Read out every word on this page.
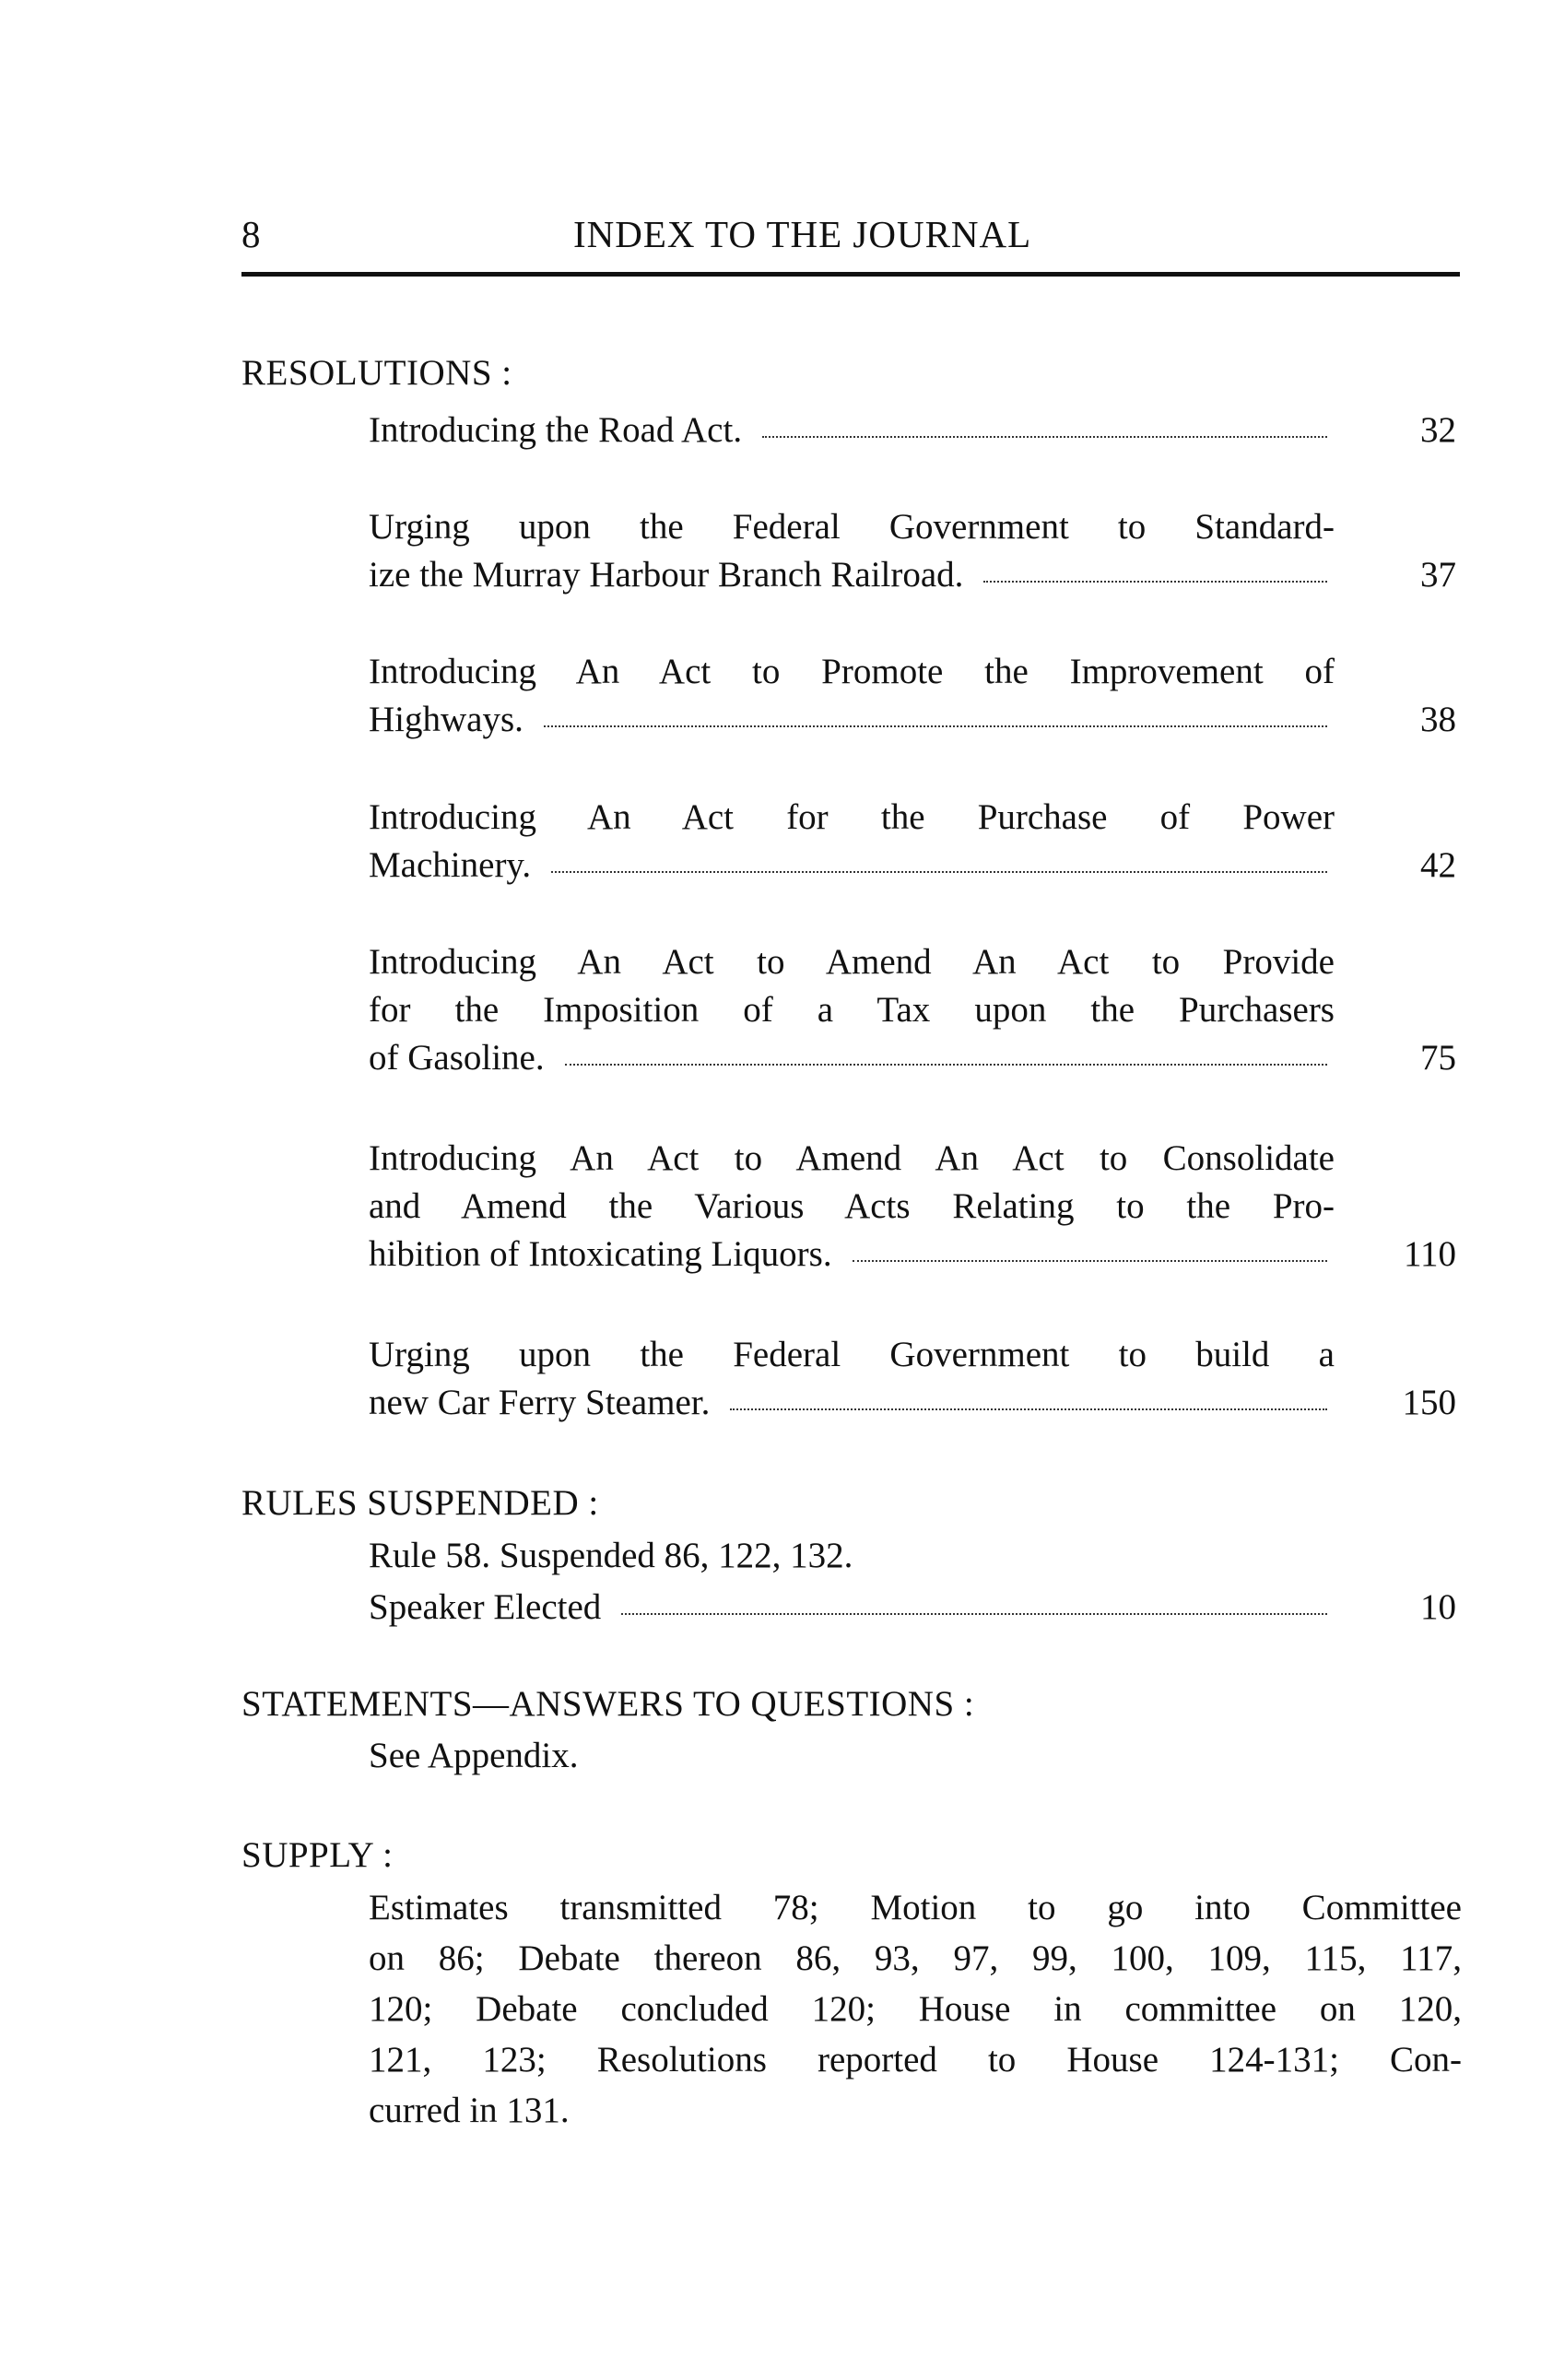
8	INDEX TO THE JOURNAL
RESOLUTIONS :
Introducing the Road Act.	32
Urging upon the Federal Government to Standard-
ize the Murray Harbour Branch Railroad.	37
Introducing An Act to Promote the Improvement of
Highways.	38
Introducing An Act for the Purchase of Power
Machinery.	42
Introducing An Act to Amend An Act to Provide
for the Imposition of a Tax upon the Purchasers
of Gasoline.	75
Introducing An Act to Amend An Act to Consolidate
and Amend the Various Acts Relating to the Pro-
hibition of Intoxicating Liquors.	110
Urging upon the Federal Government to build a
new Car Ferry Steamer.	150
RULES SUSPENDED :
Rule 58. Suspended 86, 122, 132.
Speaker Elected	10
STATEMENTS—ANSWERS TO QUESTIONS :
See Appendix.
SUPPLY :
Estimates transmitted 78; Motion to go into Committee
on 86; Debate thereon 86, 93, 97, 99, 100, 109, 115, 117,
120; Debate concluded 120; House in committee on 120,
121, 123; Resolutions reported to House 124-131; Con-
curred in 131.
